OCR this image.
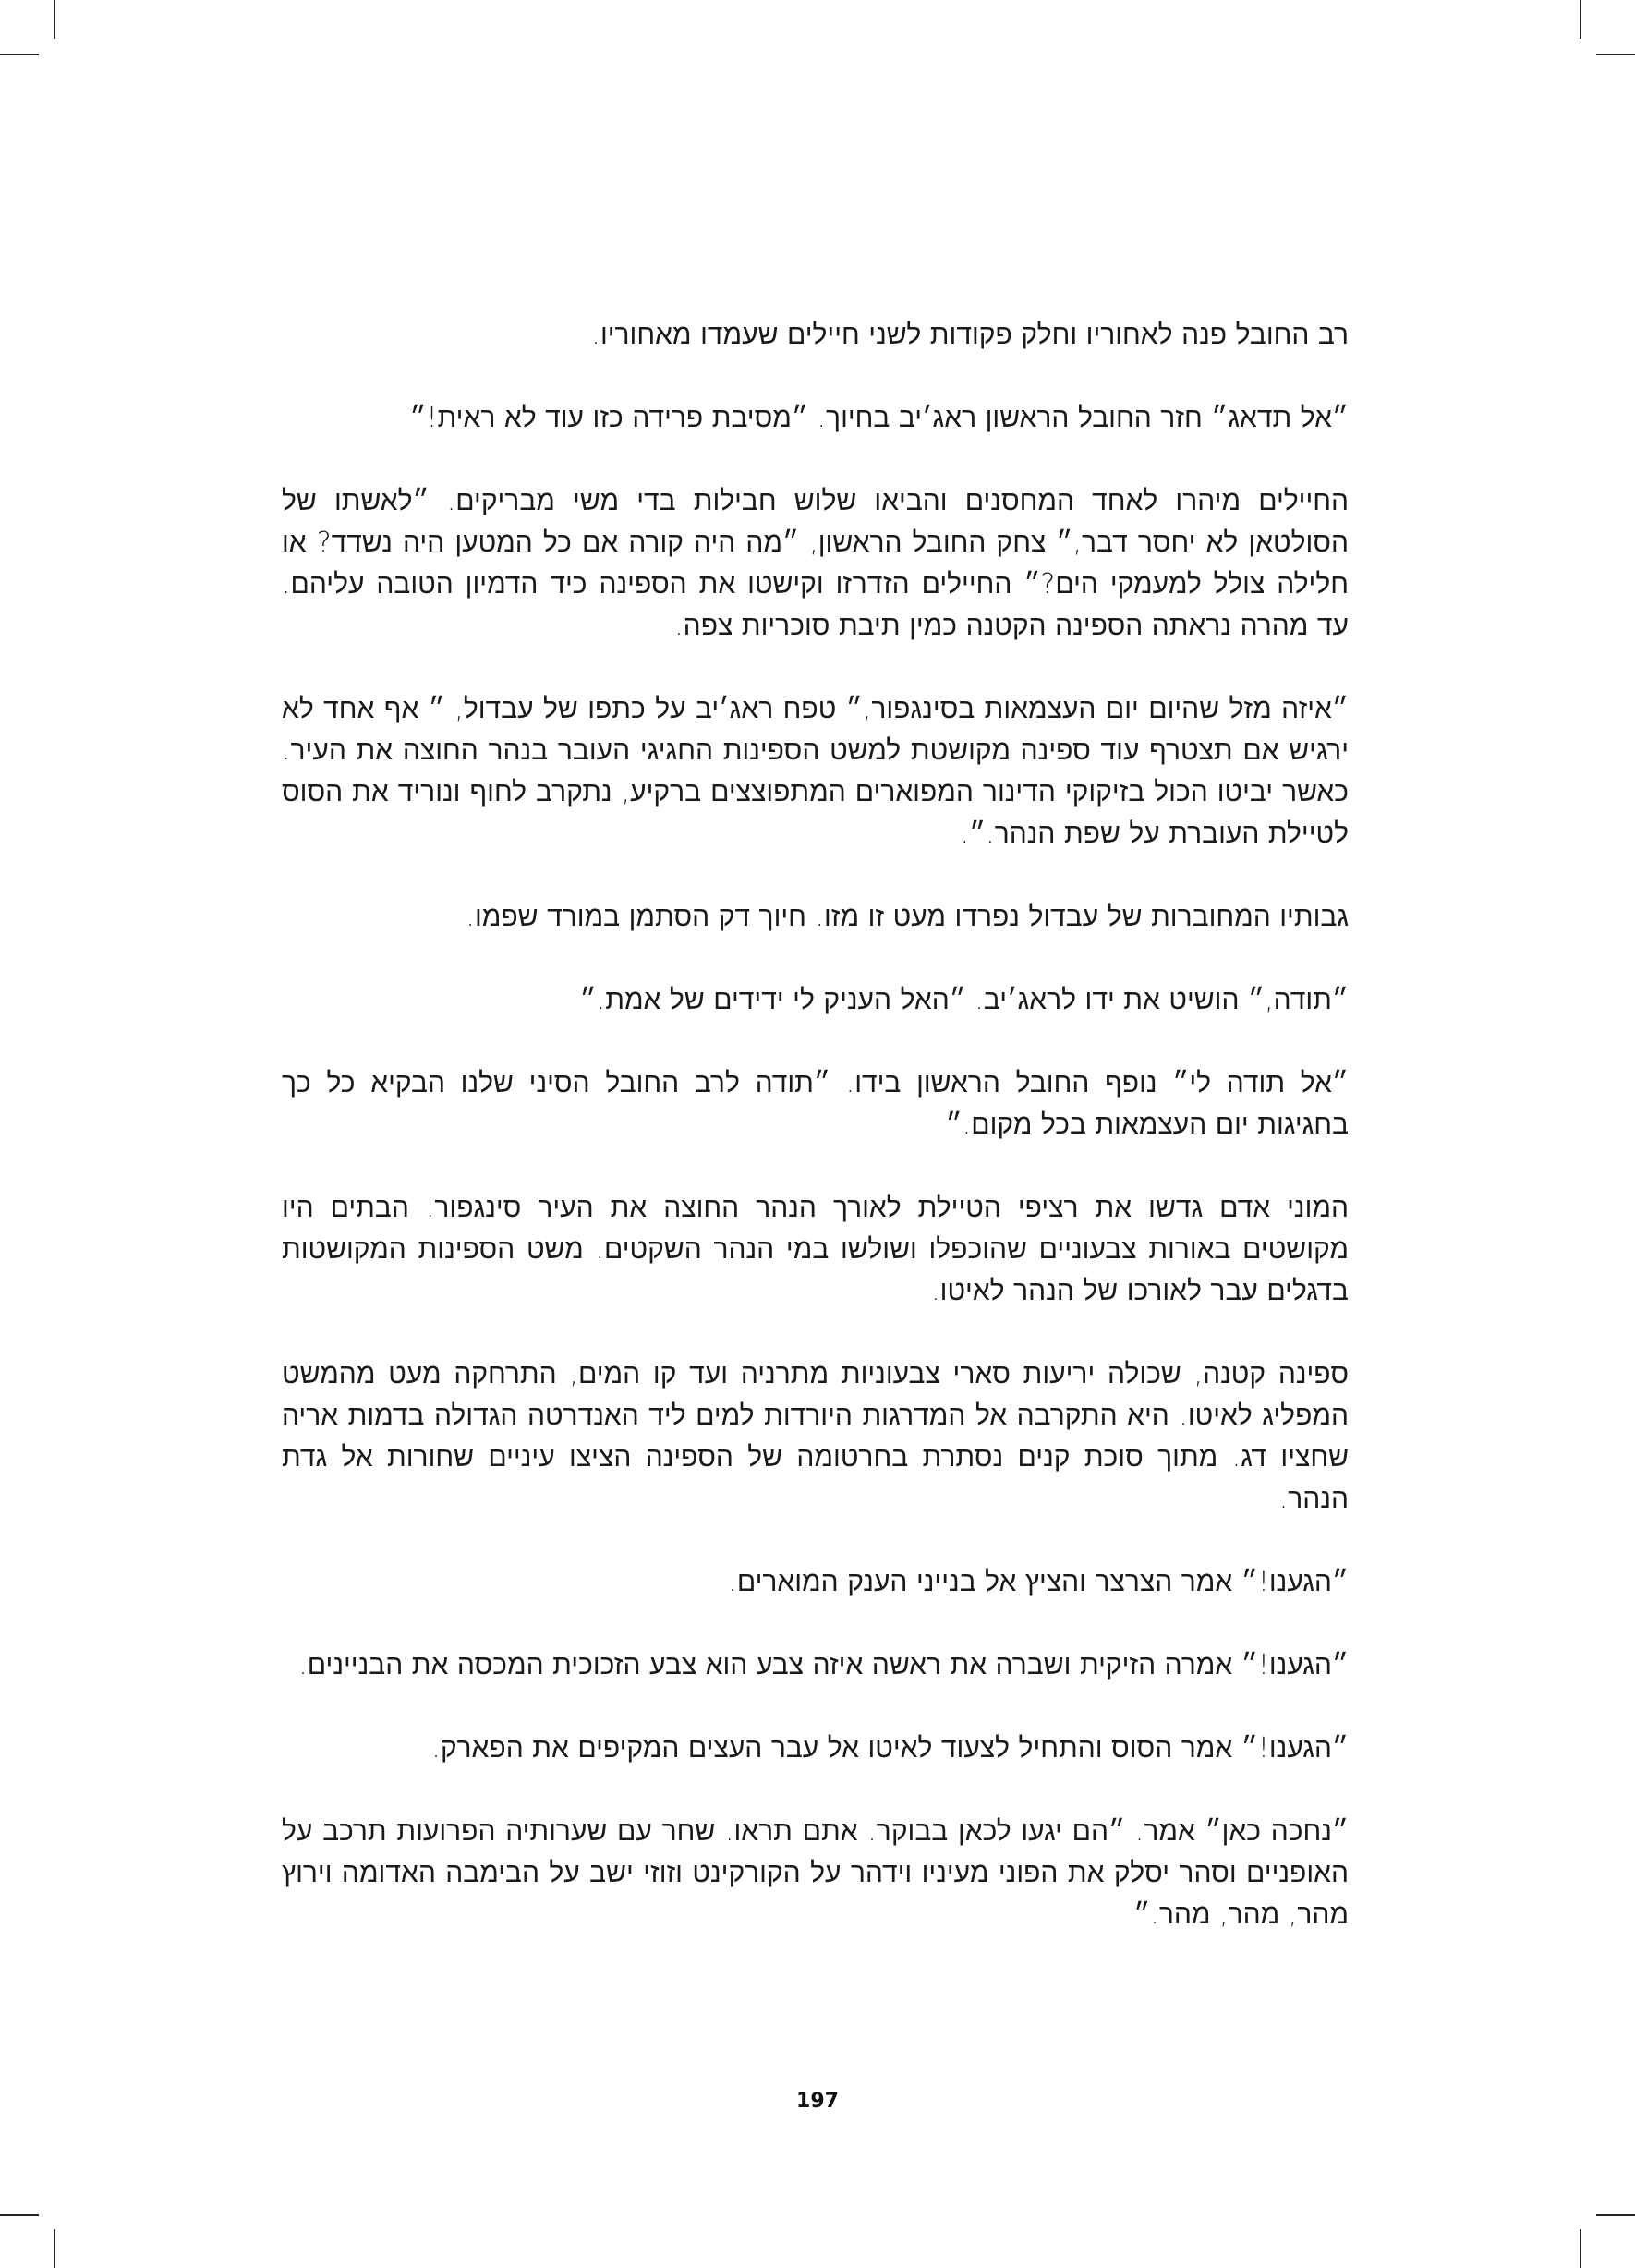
רב החובל פנה לאחוריו וחלק פקודות לשני חיילים שעמדו מאחוריו.

״אל תדאג״ חזר החובל הראשון ראג׳יב בחיוך. ״מסיבת פרידה כזו עוד לא ראית!״

החיילים מיהרו לאחד המחסנים והביאו שלוש חבילות בדי משי מבריקים. ״לאשתו של הסולטאן לא יחסר דבר,״ צחק החובל הראשון, ״מה היה קורה אם כל המטען היה נשדד? או חלילה צולל למעמקי הים?״ החיילים הזדרזו וקישטו את הספינה כיד הדמיון הטובה עליהם. עד מהרה נראתה הספינה הקטנה כמין תיבת סוכריות צפה.

״איזה מזל שהיום יום העצמאות בסינגפור,״ טפח ראג׳יב על כתפו של עבדול, ״ אף אחד לא ירגיש אם תצטרף עוד ספינה מקושטת למשט הספינות החגיגי העובר בנהר החוצה את העיר. כאשר יביטו הכול בזיקוקי הדינור המפוארים המתפוצצים ברקיע, נתקרב לחוף ונוריד את הסוס לטיילת העוברת על שפת הנהר.״.

גבותיו המחוברות של עבדול נפרדו מעט זו מזו. חיוך דק הסתמן במורד שפמו.

״תודה,״ הושיט את ידו לראג׳יב. ״האל העניק לי ידידים של אמת.״

״אל תודה לי״ נופף החובל הראשון בידו. ״תודה לרב החובל הסיני שלנו הבקיא כל כך בחגיגות יום העצמאות בכל מקום.״

המוני אדם גדשו את רציפי הטיילת לאורך הנהר החוצה את העיר סינגפור. הבתים היו מקושטים באורות צבעוניים שהוכפלו ושולשו במי הנהר השקטים. משט הספינות המקושטות בדגלים עבר לאורכו של הנהר לאיטו.

ספינה קטנה, שכולה יריעות סארי צבעוניות מתרניה ועד קו המים, התרחקה מעט מהמשט המפליג לאיטו. היא התקרבה אל המדרגות היורדות למים ליד האנדרטה הגדולה בדמות אריה שחציו דג. מתוך סוכת קנים נסתרת בחרטומה של הספינה הציצו עיניים שחורות אל גדת הנהר.

״הגענו!״ אמר הצרצר והציץ אל בנייני הענק המוארים.

״הגענו!״ אמרה הזיקית ושברה את ראשה איזה צבע הוא צבע הזכוכית המכסה את הבניינים.

״הגענו!״ אמר הסוס והתחיל לצעוד לאיטו אל עבר העצים המקיפים את הפארק.

״נחכה כאן״ אמר. ״הם יגעו לכאן בבוקר. אתם תראו. שחר עם שערותיה הפרועות תרכב על האופניים וסהר יסלק את הפוני מעיניו וידהר על הקורקינט וזוזי ישב על הבימבה האדומה וירוץ מהר, מהר, מהר.״

197
